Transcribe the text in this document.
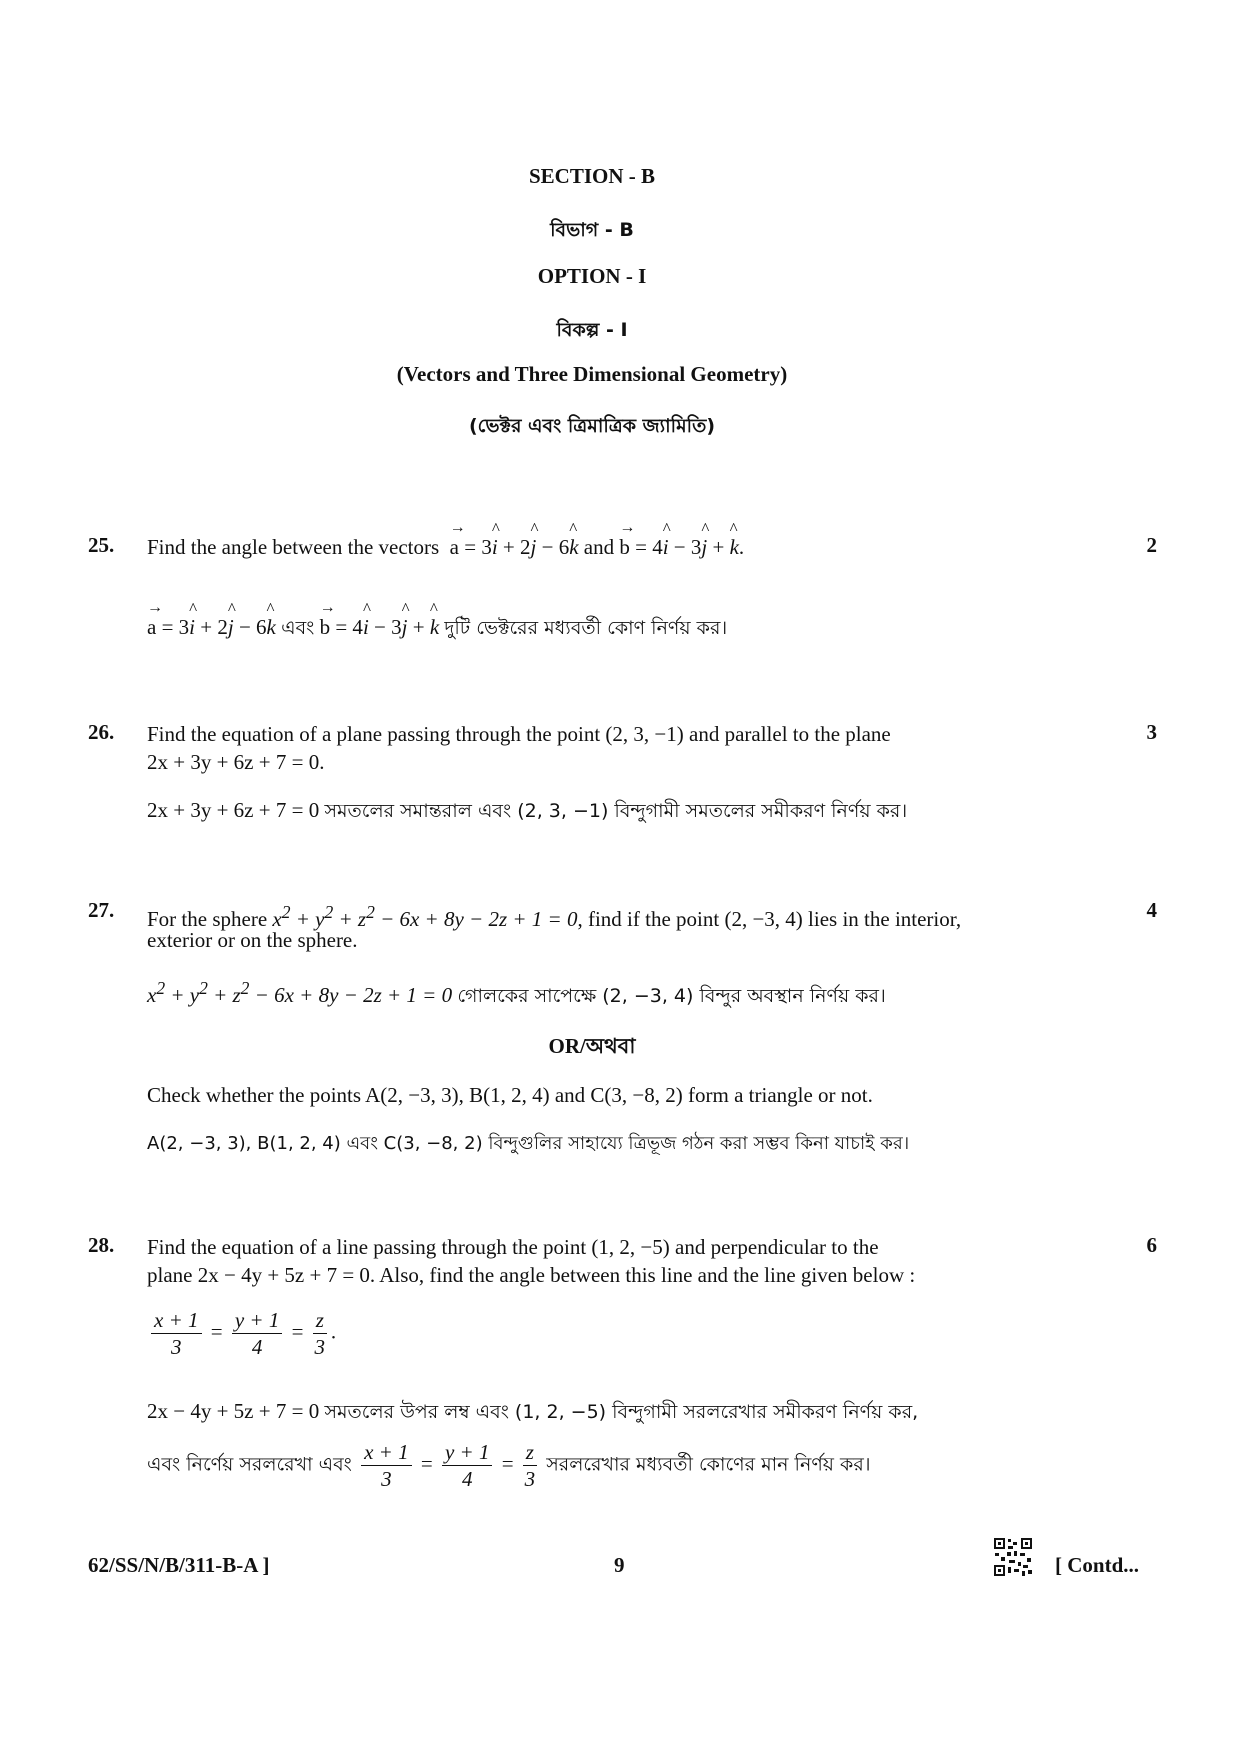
SECTION - B
বিভাগ - B
OPTION - I
বিকল্প - I
(Vectors and Three Dimensional Geometry)
(ভেক্টর এবং ত্রিমাত্রিক জ্যামিতি)
25.	2
Find the angle between the vectors → a = 3^ i + 2^ j − 6^ k and → b = 4^ i − 3^ j + ^ k.
→ a = 3^ i + 2^ j − 6^ k এবং → b = 4^ i − 3^ j + ^ k দুটি ভেক্টরের মধ্যবর্তী কোণ নির্ণয় কর।
26.	3
Find the equation of a plane passing through the point (2, 3, −1) and parallel to the plane
2x + 3y + 6z + 7 = 0.
2x + 3y + 6z + 7 = 0 সমতলের সমান্তরাল এবং (2, 3, −1) বিন্দুগামী সমতলের সমীকরণ নির্ণয় কর।
27.	4
For the sphere $x^2 + y^2 + z^2 - 6x + 8y - 2z + 1 = 0$, find if the point (2, −3, 4) lies in the interior,
exterior or on the sphere.
$x^2 + y^2 + z^2 - 6x + 8y - 2z + 1 = 0$ গোলকের সাপেক্ষে (2, −3, 4) বিন্দুর অবস্থান নির্ণয় কর।
OR/অথবা
Check whether the points A(2, −3, 3), B(1, 2, 4) and C(3, −8, 2) form a triangle or not.
A(2, −3, 3), B(1, 2, 4) এবং C(3, −8, 2) বিন্দুগুলির সাহায্যে ত্রিভূজ গঠন করা সম্ভব কিনা যাচাই কর।
28.	6
Find the equation of a line passing through the point (1, 2, −5) and perpendicular to the
plane 2x − 4y + 5z + 7 = 0. Also, find the angle between this line and the line given below :
$\frac{x + 1}{3} = \frac{y + 1}{4} = \frac{z}{3}$ .
2x − 4y + 5z + 7 = 0 সমতলের উপর লম্ব এবং (1, 2, −5) বিন্দুগামী সরলরেখার সমীকরণ নির্ণয় কর,
এবং নির্ণেয় সরলরেখা এবং $\frac{x + 1}{3} = \frac{y + 1}{4} = \frac{z}{3}$ সরলরেখার মধ্যবর্তী কোণের মান নির্ণয় কর।
62/SS/N/B/311-B-A ]	9	[ Contd...
